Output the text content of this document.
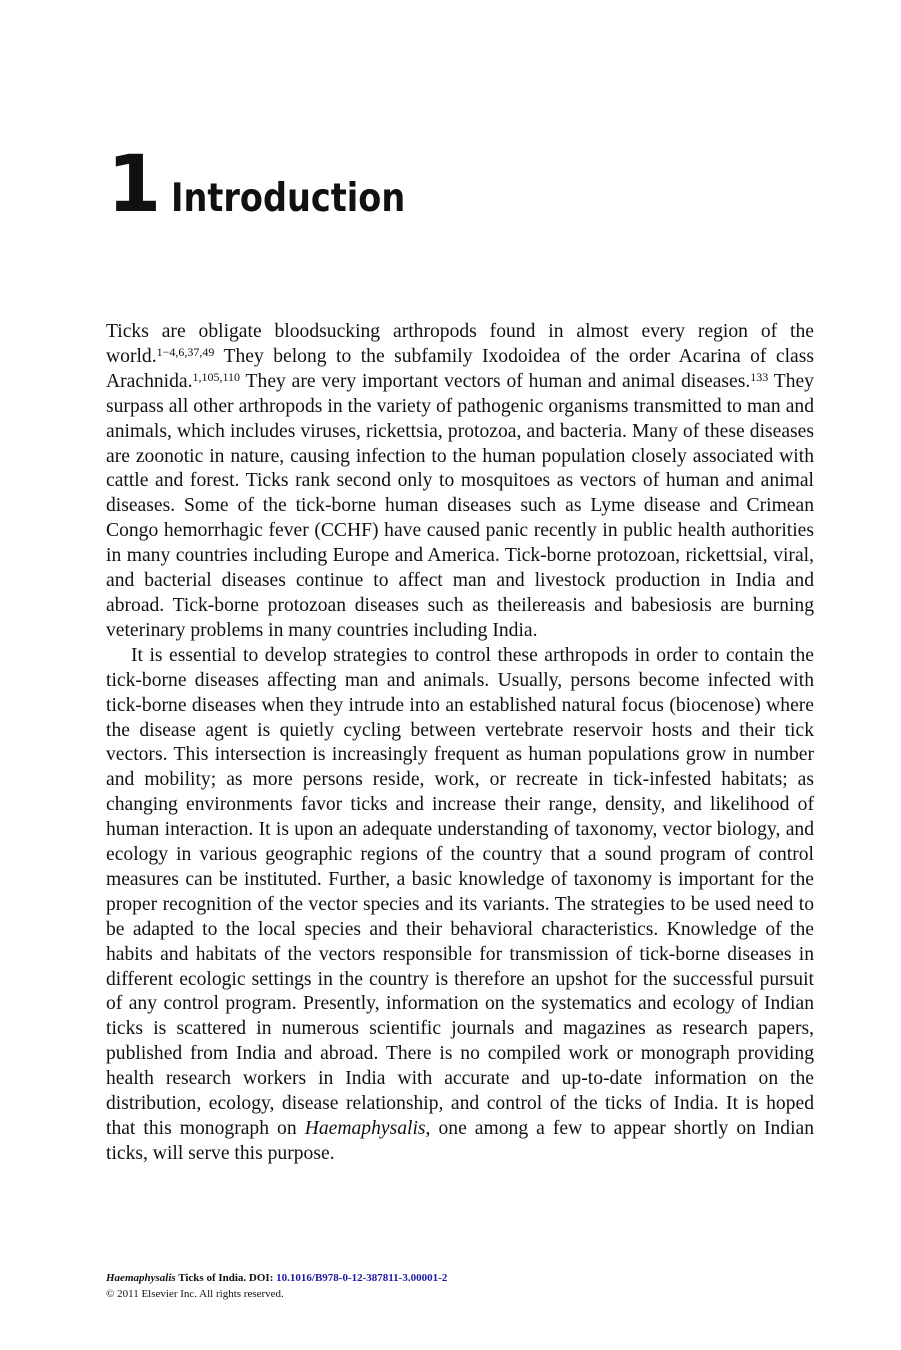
1 Introduction

Ticks are obligate bloodsucking arthropods found in almost every region of the world.$^{1-4,6,37,49}$ They belong to the subfamily Ixodoidea of the order Acarina of class Arachnida.$^{1,105,110}$ They are very important vectors of human and animal diseases.$^{133}$ They surpass all other arthropods in the variety of pathogenic organisms transmitted to man and animals, which includes viruses, rickettsia, protozoa, and bacteria. Many of these diseases are zoonotic in nature, causing infection to the human population closely associated with cattle and forest. Ticks rank second only to mosquitoes as vectors of human and animal diseases. Some of the tick-borne human diseases such as Lyme disease and Crimean Congo hemorrhagic fever (CCHF) have caused panic recently in public health authorities in many countries including Europe and America. Tick-borne protozoan, rickettsial, viral, and bacterial diseases continue to affect man and livestock production in India and abroad. Tick-borne protozoan diseases such as theilereasis and babesiosis are burning veterinary problems in many countries including India.

It is essential to develop strategies to control these arthropods in order to contain the tick-borne diseases affecting man and animals. Usually, persons become infected with tick-borne diseases when they intrude into an established natural focus (biocenose) where the disease agent is quietly cycling between vertebrate reservoir hosts and their tick vectors. This intersection is increasingly frequent as human populations grow in number and mobility; as more persons reside, work, or recreate in tick-infested habitats; as changing environments favor ticks and increase their range, density, and likelihood of human interaction. It is upon an adequate understanding of taxonomy, vector biology, and ecology in various geographic regions of the country that a sound program of control measures can be instituted. Further, a basic knowledge of taxonomy is important for the proper recognition of the vector species and its variants. The strategies to be used need to be adapted to the local species and their behavioral characteristics. Knowledge of the habits and habitats of the vectors responsible for transmission of tick-borne diseases in different ecologic settings in the country is therefore an upshot for the successful pursuit of any control program. Presently, information on the systematics and ecology of Indian ticks is scattered in numerous scientific journals and magazines as research papers, published from India and abroad. There is no compiled work or monograph providing health research workers in India with accurate and up-to-date information on the distribution, ecology, disease relationship, and control of the ticks of India. It is hoped that this monograph on Haemaphysalis, one among a few to appear shortly on Indian ticks, will serve this purpose.

Haemaphysalis Ticks of India. DOI: 10.1016/B978-0-12-387811-3.00001-2
© 2011 Elsevier Inc. All rights reserved.
